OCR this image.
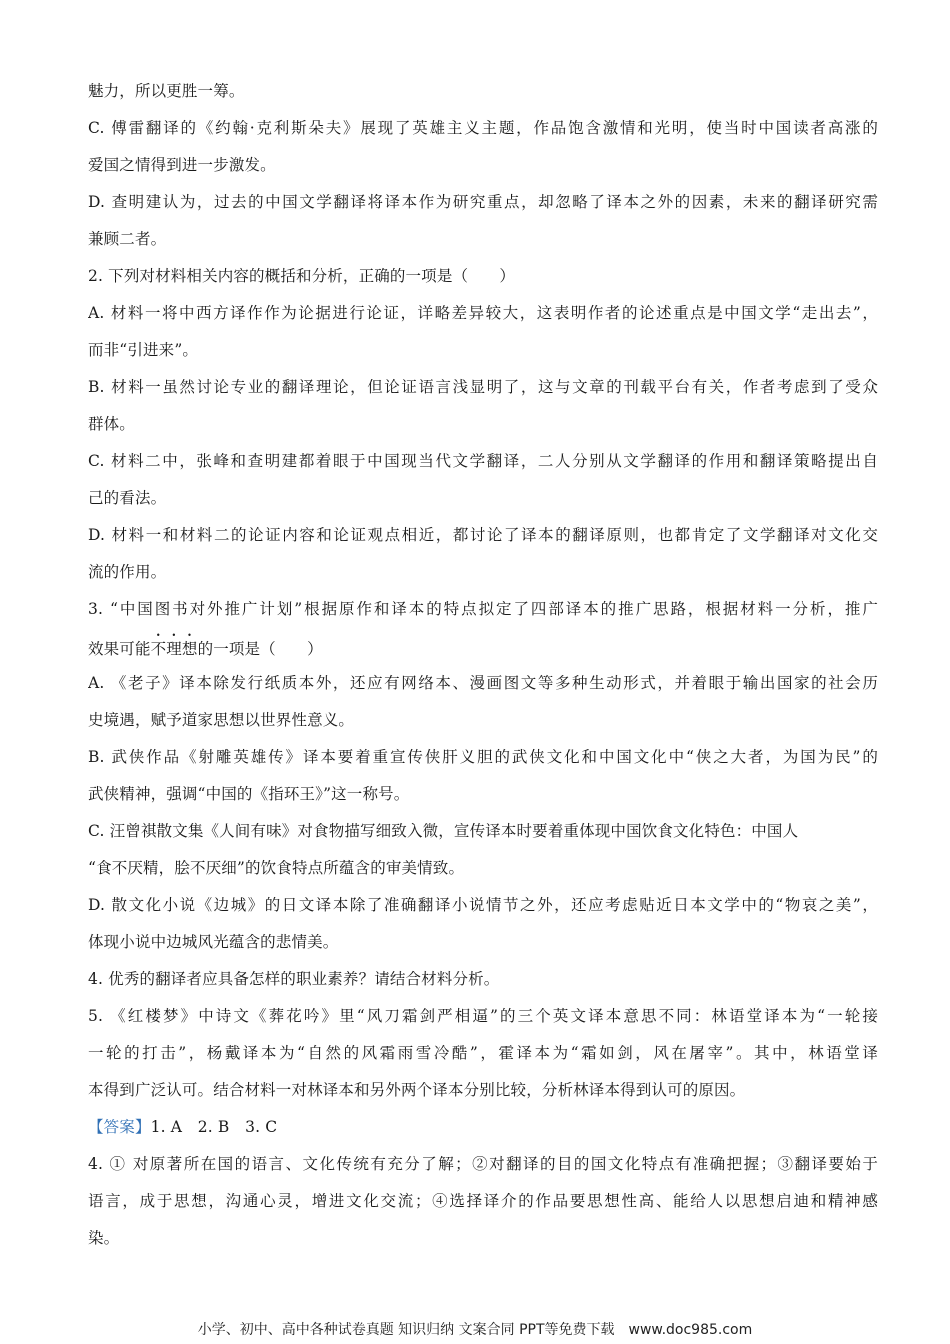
魅力，所以更胜一筹。
C. 傅雷翻译的《约翰·克利斯朵夫》展现了英雄主义主题，作品饱含激情和光明，使当时中国读者高涨的
爱国之情得到进一步激发。
D. 查明建认为，过去的中国文学翻译将译本作为研究重点，却忽略了译本之外的因素，未来的翻译研究需
兼顾二者。
2. 下列对材料相关内容的概括和分析，正确的一项是（　　）
A. 材料一将中西方译作作为论据进行论证，详略差异较大，这表明作者的论述重点是中国文学“走出去”，
而非“引进来”。
B. 材料一虽然讨论专业的翻译理论，但论证语言浅显明了，这与文章的刊载平台有关，作者考虑到了受众
群体。
C. 材料二中，张峰和查明建都着眼于中国现当代文学翻译，二人分别从文学翻译的作用和翻译策略提出自
己的看法。
D. 材料一和材料二的论证内容和论证观点相近，都讨论了译本的翻译原则，也都肯定了文学翻译对文化交
流的作用。
3. “中国图书对外推广计划”根据原作和译本的特点拟定了四部译本的推广思路，根据材料一分析，推广
效果可能不理想的一项是（　　）
A. 《老子》译本除发行纸质本外，还应有网络本、漫画图文等多种生动形式，并着眼于输出国家的社会历
史境遇，赋予道家思想以世界性意义。
B. 武侠作品《射雕英雄传》译本要着重宣传侠肝义胆的武侠文化和中国文化中“侠之大者，为国为民”的
武侠精神，强调“中国的《指环王》”这一称号。
C. 汪曾祺散文集《人间有味》对食物描写细致入微，宣传译本时要着重体现中国饮食文化特色：中国人
“食不厌精，脍不厌细”的饮食特点所蕴含的审美情致。
D. 散文化小说《边城》的日文译本除了准确翻译小说情节之外，还应考虑贴近日本文学中的“物哀之美”，
体现小说中边城风光蕴含的悲情美。
4. 优秀的翻译者应具备怎样的职业素养？请结合材料分析。
5. 《红楼梦》中诗文《葬花吟》里“风刀霜剑严相逼”的三个英文译本意思不同：林语堂译本为“一轮接
一轮的打击”，杨戴译本为“自然的风霜雨雪冷酷”，霍译本为“霜如剑，风在屠宰”。其中，林语堂译
本得到广泛认可。结合材料一对林译本和另外两个译本分别比较，分析林译本得到认可的原因。
【答案】1. A　2. B　3. C
4. ① 对原著所在国的语言、文化传统有充分了解；②对翻译的目的国文化特点有准确把握；③翻译要始于
语言，成于思想，沟通心灵，增进文化交流；④选择译介的作品要思想性高、能给人以思想启迪和精神感
染。
小学、初中、高中各种试卷真题 知识归纳 文案合同 PPT等免费下载　www.doc985.com
